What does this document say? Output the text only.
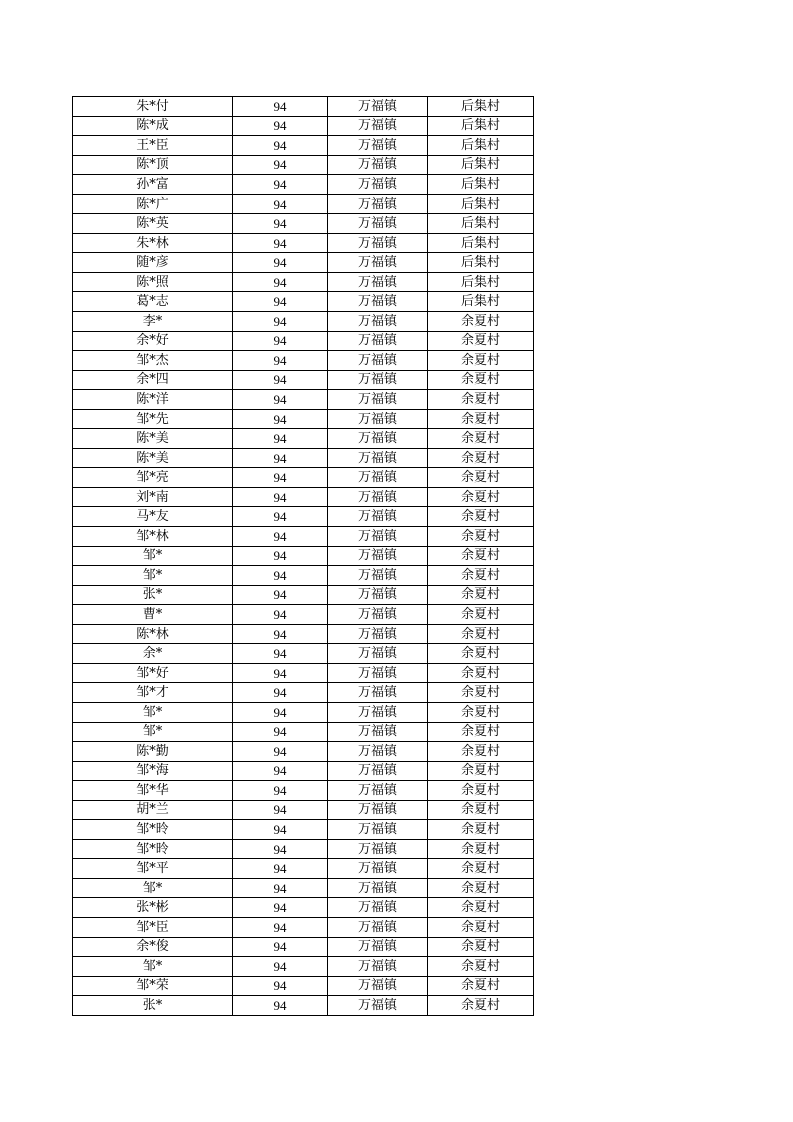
朱*付	94	万福镇	后集村
陈*成	94	万福镇	后集村
王*臣	94	万福镇	后集村
陈*顶	94	万福镇	后集村
孙*富	94	万福镇	后集村
陈*广	94	万福镇	后集村
陈*英	94	万福镇	后集村
朱*林	94	万福镇	后集村
随*彦	94	万福镇	后集村
陈*照	94	万福镇	后集村
葛*志	94	万福镇	后集村
李*	94	万福镇	余夏村
余*好	94	万福镇	余夏村
邹*杰	94	万福镇	余夏村
余*四	94	万福镇	余夏村
陈*洋	94	万福镇	余夏村
邹*先	94	万福镇	余夏村
陈*美	94	万福镇	余夏村
陈*美	94	万福镇	余夏村
邹*亮	94	万福镇	余夏村
刘*南	94	万福镇	余夏村
马*友	94	万福镇	余夏村
邹*林	94	万福镇	余夏村
邹*	94	万福镇	余夏村
邹*	94	万福镇	余夏村
张*	94	万福镇	余夏村
曹*	94	万福镇	余夏村
陈*林	94	万福镇	余夏村
余*	94	万福镇	余夏村
邹*好	94	万福镇	余夏村
邹*才	94	万福镇	余夏村
邹*	94	万福镇	余夏村
邹*	94	万福镇	余夏村
陈*勤	94	万福镇	余夏村
邹*海	94	万福镇	余夏村
邹*华	94	万福镇	余夏村
胡*兰	94	万福镇	余夏村
邹*昤	94	万福镇	余夏村
邹*昤	94	万福镇	余夏村
邹*平	94	万福镇	余夏村
邹*	94	万福镇	余夏村
张*彬	94	万福镇	余夏村
邹*臣	94	万福镇	余夏村
余*俊	94	万福镇	余夏村
邹*	94	万福镇	余夏村
邹*荣	94	万福镇	余夏村
张*	94	万福镇	余夏村
